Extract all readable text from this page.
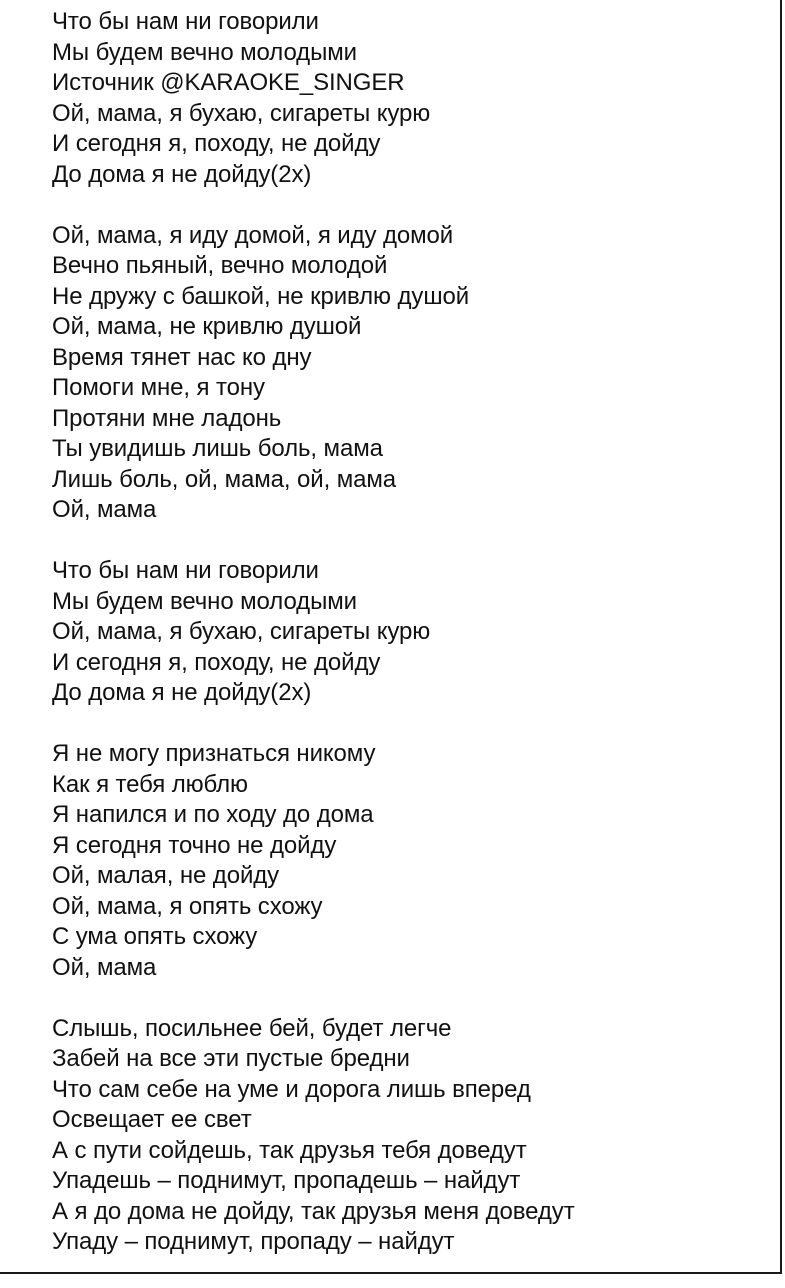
Что бы нам ни говорили
Мы будем вечно молодыми
Источник @KARAOKE_SINGER
Ой, мама, я бухаю, сигареты курю
И сегодня я, походу, не дойду
До дома я не дойду(2х)
Ой, мама, я иду домой, я иду домой
Вечно пьяный, вечно молодой
Не дружу с башкой, не кривлю душой
Ой, мама, не кривлю душой
Время тянет нас ко дну
Помоги мне, я тону
Протяни мне ладонь
Ты увидишь лишь боль, мама
Лишь боль, ой, мама, ой, мама
Ой, мама
Что бы нам ни говорили
Мы будем вечно молодыми
Ой, мама, я бухаю, сигареты курю
И сегодня я, походу, не дойду
До дома я не дойду(2х)
Я не могу признаться никому
Как я тебя люблю
Я напился и по ходу до дома
Я сегодня точно не дойду
Ой, малая, не дойду
Ой, мама, я опять схожу
С ума опять схожу
Ой, мама
Слышь, посильнее бей, будет легче
Забей на все эти пустые бредни
Что сам себе на уме и дорога лишь вперед
Освещает ее свет
А с пути сойдешь, так друзья тебя доведут
Упадешь – поднимут, пропадешь – найдут
А я до дома не дойду, так друзья меня доведут
Упаду – поднимут, пропаду – найдут
